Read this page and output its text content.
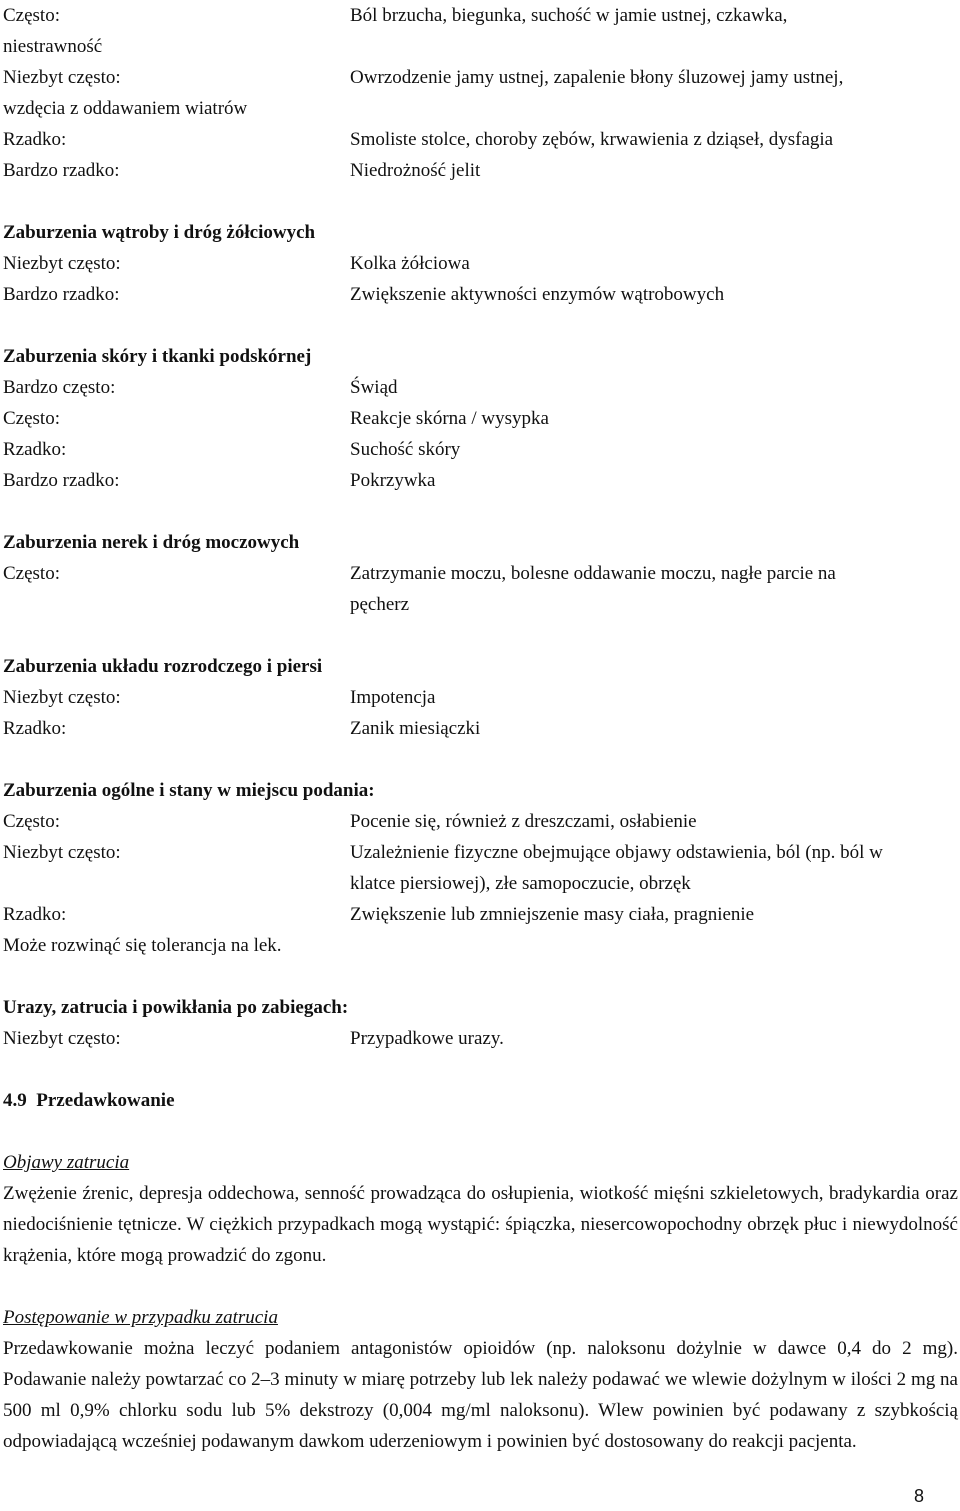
Często:	Ból brzucha, biegunka, suchość w jamie ustnej, czkawka,
niestrawność
Niezbyt często:	Owrzodzenie jamy ustnej, zapalenie błony śluzowej jamy ustnej,
wzdęcia z oddawaniem wiatrów
Rzadko:	Smoliste stolce, choroby zębów, krwawienia z dziąseł, dysfagia
Bardzo rzadko:	Niedrożność jelit
Zaburzenia wątroby i dróg żółciowych
Niezbyt często:	Kolka żółciowa
Bardzo rzadko:	Zwiększenie aktywności enzymów wątrobowych
Zaburzenia skóry i tkanki podskórnej
Bardzo często:	Świąd
Często:	Reakcje skórna / wysypka
Rzadko:	Suchość skóry
Bardzo rzadko:	Pokrzywka
Zaburzenia nerek i dróg moczowych
Często:	Zatrzymanie moczu, bolesne oddawanie moczu, nagłe parcie na
pęcherz
Zaburzenia układu rozrodczego i piersi
Niezbyt często:	Impotencja
Rzadko:	Zanik miesiączki
Zaburzenia ogólne i stany w miejscu podania:
Często:	Pocenie się, również z dreszczami, osłabienie
Niezbyt często:	Uzależnienie fizyczne obejmujące objawy odstawienia, ból (np. ból w
klatce piersiowej), złe samopoczucie, obrzęk
Rzadko:	Zwiększenie lub zmniejszenie masy ciała, pragnienie
Może rozwinąć się tolerancja na lek.
Urazy, zatrucia i powikłania po zabiegach:
Niezbyt często:	Przypadkowe urazy.
4.9 Przedawkowanie
Objawy zatrucia
Zwężenie źrenic, depresja oddechowa, senność prowadząca do osłupienia, wiotkość mięśni szkieletowych, bradykardia oraz niedociśnienie tętnicze. W ciężkich przypadkach mogą wystąpić: śpiączka, niesercowopochodny obrzęk płuc i niewydolność krążenia, które mogą prowadzić do zgonu.
Postępowanie w przypadku zatrucia
Przedawkowanie można leczyć podaniem antagonistów opioidów (np. naloksonu dożylnie w dawce 0,4 do 2 mg). Podawanie należy powtarzać co 2–3 minuty w miarę potrzeby lub lek należy podawać we wlewie dożylnym w ilości 2 mg na 500 ml 0,9% chlorku sodu lub 5% dekstrozy (0,004 mg/ml naloksonu). Wlew powinien być podawany z szybkością odpowiadającą wcześniej podawanym dawkom uderzeniowym i powinien być dostosowany do reakcji pacjenta.
8
